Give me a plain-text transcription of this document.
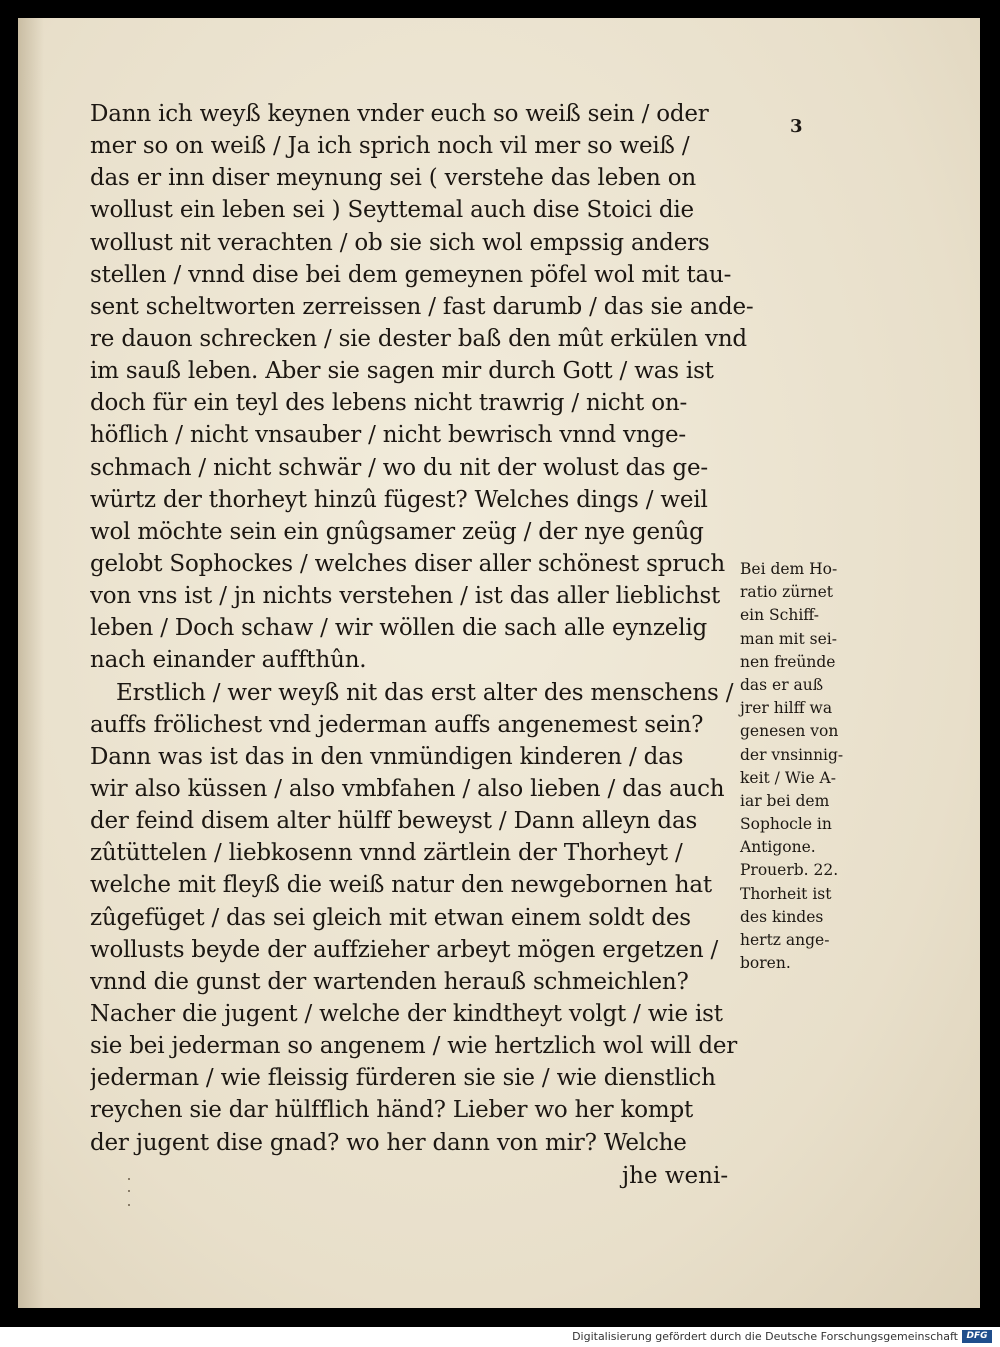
3
Dann ich weyß keynen vnder euch so weiß sein / oder
mer so on weiß / Ja ich sprich noch vil mer so weiß /
das er inn diser meynung sei ( verstehe das leben on
wollust ein leben sei ) Seyttemal auch dise Stoici die
wollust nit verachten / ob sie sich wol empssig anders
stellen / vnnd dise bei dem gemeynen pöfel wol mit tau-
sent scheltworten zerreissen / fast darumb / das sie ande-
re dauon schrecken / sie dester baß den mût erkülen vnd
im sauß leben. Aber sie sagen mir durch Gott / was ist
doch für ein teyl des lebens nicht trawrig / nicht on-
höflich / nicht vnsauber / nicht bewrisch vnnd vnge-
schmach / nicht schwär / wo du nit der wolust das ge-
würtz der thorheyt hinzû fügest? Welches dings / weil
wol möchte sein ein gnûgsamer zeüg / der nye genûg
gelobt Sophockes / welches diser aller schönest spruch
von vns ist / jn nichts verstehen / ist das aller lieblichst
leben / Doch schaw / wir wöllen die sach alle eynzelig
nach einander auffthûn.
Erstlich / wer weyß nit das erst alter des menschens /
auffs frölichest vnd jederman auffs angenemest sein?
Dann was ist das in den vnmündigen kinderen / das
wir also küssen / also vmbfahen / also lieben / das auch
der feind disem alter hülff beweyst / Dann alleyn das
zûtüttelen / liebkosenn vnnd zärtlein der Thorheyt /
welche mit fleyß die weiß natur den newgebornen hat
zûgefüget / das sei gleich mit etwan einem soldt des
wollusts beyde der auffzieher arbeyt mögen ergetzen /
vnnd die gunst der wartenden herauß schmeichlen?
Nacher die jugent / welche der kindtheyt volgt / wie ist
sie bei jederman so angenem / wie hertzlich wol will der
jederman / wie fleissig fürderen sie sie / wie dienstlich
reychen sie dar hülfflich händ? Lieber wo her kompt
der jugent dise gnad? wo her dann von mir? Welche
Bei dem Ho-
ratio zürnet
ein Schiff-
man mit sei-
nen freünde
das er auß
jrer hilff wa
genesen von
der vnsinnig-
keit / Wie A-
iar bei dem
Sophocle in
Antigone.
Prouerb. 22.
Thorheit ist
des kindes
hertz ange-
boren.
jhe weni-
Digitalisierung gefördert durch die Deutsche Forschungsgemeinschaft DFG
